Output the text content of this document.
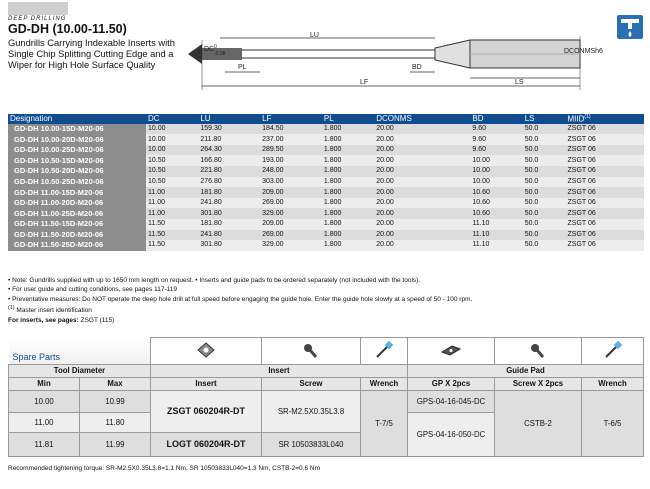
DEEP DRILLING
GD-DH (10.00-11.50)
Gundrills Carrying Indexable Inserts with Single Chip Splitting Cutting Edge and a Wiper for High Hole Surface Quality
DC 0
-0.08
LU
PL	BD
LF	LS
DCONMSh6
Designation	DC	LU	LF	PL	DCONMS	BD	LS	MIID$^{(1)}$
GD-DH 10.00-15D-M20-06	10.00	159.30	184.50	1.800	20.00	9.60	50.0	ZSGT 06
GD-DH 10.00-20D-M20-06	10.00	211.80	237.00	1.800	20.00	9.60	50.0	ZSGT 06
GD-DH 10.00-25D-M20-06	10.00	264.30	289.50	1.800	20.00	9.60	50.0	ZSGT 06
GD-DH 10.50-15D-M20-06	10.50	166.80	193.00	1.800	20.00	10.00	50.0	ZSGT 06
GD-DH 10.50-20D-M20-06	10.50	221.80	248.00	1.800	20.00	10.00	50.0	ZSGT 06
GD-DH 10.50-25D-M20-06	10.50	276.80	303.00	1.800	20.00	10.00	50.0	ZSGT 06
GD-DH 11.00-15D-M20-06	11.00	181.80	209.00	1.800	20.00	10.60	50.0	ZSGT 06
GD-DH 11.00-20D-M20-06	11.00	241.80	269.00	1.800	20.00	10.60	50.0	ZSGT 06
GD-DH 11.00-25D-M20-06	11.00	301.80	329.00	1.800	20.00	10.60	50.0	ZSGT 06
GD-DH 11.50-15D-M20-06	11.50	181.80	209.00	1.800	20.00	11.10	50.0	ZSGT 06
GD-DH 11.50-20D-M20-06	11.50	241.80	269.00	1.800	20.00	11.10	50.0	ZSGT 06
GD-DH 11.50-25D-M20-06	11.50	301.80	329.00	1.800	20.00	11.10	50.0	ZSGT 06
• Note: Gundrills supplied with up to 1650 mm length on request. • Inserts and guide pads to be ordered separately (not included with the tools).
• For user guide and cutting conditions, see pages 117-119
• Preventative measures: Do NOT operate the deep hole drill at full speed before engaging the guide hole. Enter the guide hole slowly at a speed of 50 - 100 rpm.
$^{(1)}$ Master insert identification
For inserts, see pages: ZSGT (115)
Spare Parts						
Tool Diameter		Insert			Guide Pad		
Min	Max	Insert	Screw	Wrench	GP X 2pcs	Screw X 2pcs	Wrench
10.00	10.99	ZSGT 060204R-DT	SR-M2.5X0.35L3.8	T-7/5	GPS-04-16-045-DC	CSTB-2	T-6/5
11.00	11.80				GPS-04-16-050-DC		
11.81	11.99	LOGT 060204R-DT	SR 10503833L040				
Recommended tightening torque: SR-M2.5X0.35L3.8=1.1 Nm, SR 10503833L040=1.3 Nm, CSTB-2=0.6 Nm
